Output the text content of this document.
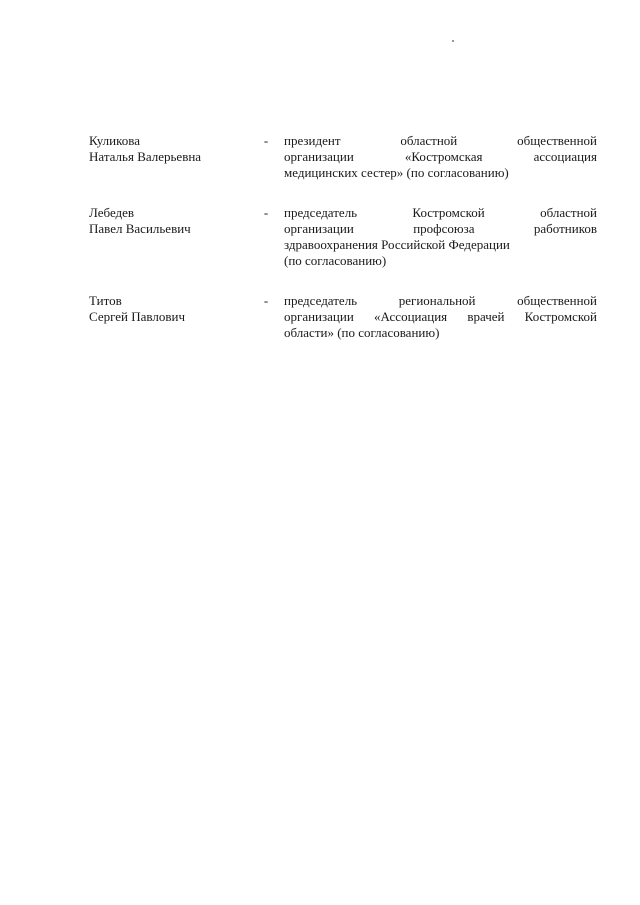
Куликова
Наталья Валерьевна
- президент областной общественной
организации «Костромская ассоциация
медицинских сестер» (по согласованию)
Лебедев
Павел Васильевич
- председатель Костромской областной
организации профсоюза работников
здравоохранения Российской Федерации
(по согласованию)
Титов
Сергей Павлович
- председатель региональной общественной
организации «Ассоциация врачей Костромской
области» (по согласованию)
